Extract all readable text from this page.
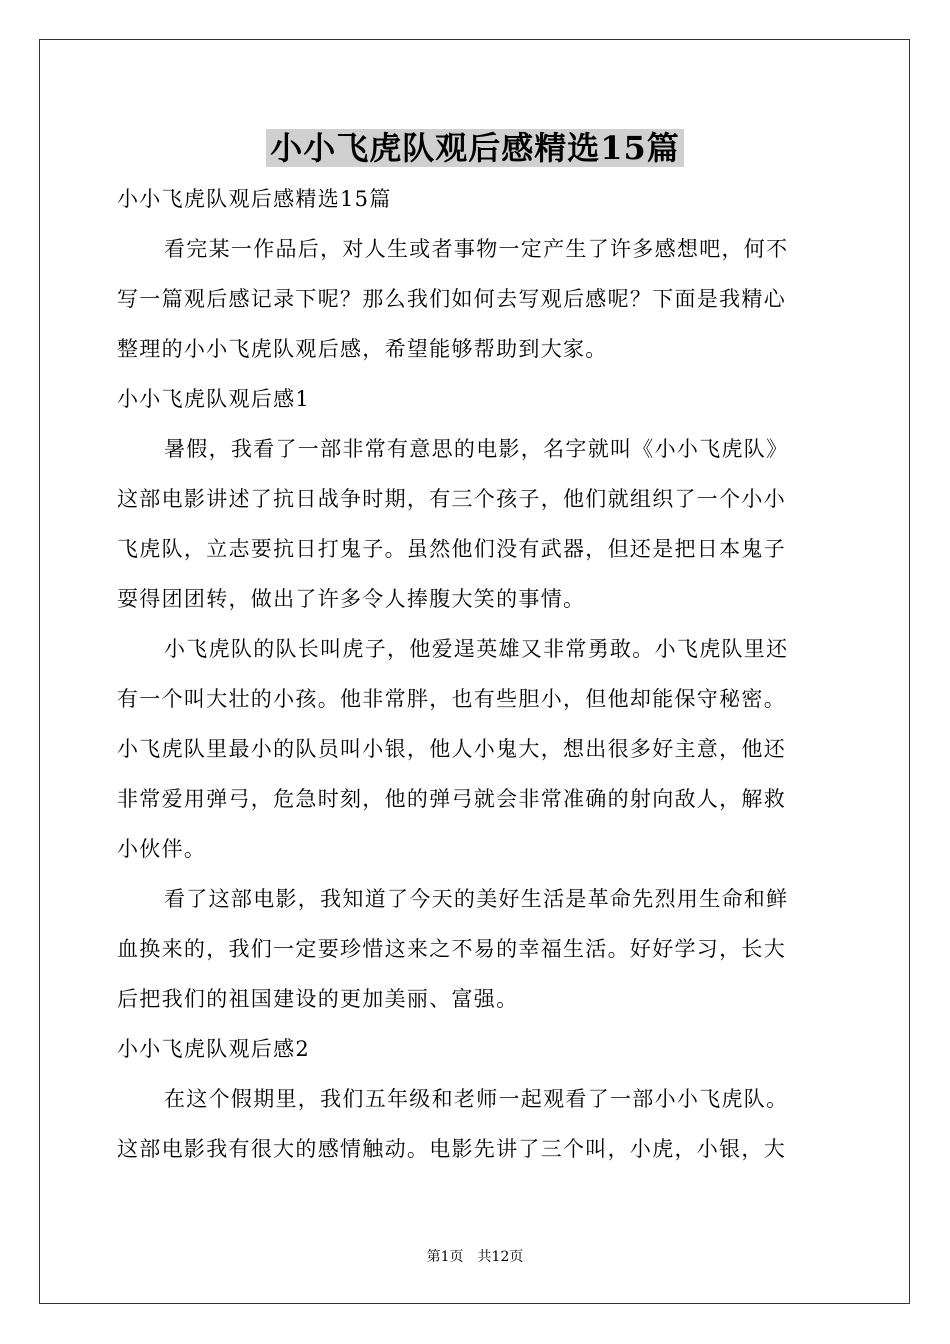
小小飞虎队观后感精选15篇
小小飞虎队观后感精选15篇
看完某一作品后，对人生或者事物一定产生了许多感想吧，何不
写一篇观后感记录下呢？那么我们如何去写观后感呢？下面是我精心
整理的小小飞虎队观后感，希望能够帮助到大家。
小小飞虎队观后感1
暑假，我看了一部非常有意思的电影，名字就叫《小小飞虎队》
这部电影讲述了抗日战争时期，有三个孩子，他们就组织了一个小小
飞虎队，立志要抗日打鬼子。虽然他们没有武器，但还是把日本鬼子
耍得团团转，做出了许多令人捧腹大笑的事情。
小飞虎队的队长叫虎子，他爱逞英雄又非常勇敢。小飞虎队里还
有一个叫大壮的小孩。他非常胖，也有些胆小，但他却能保守秘密。
小飞虎队里最小的队员叫小银，他人小鬼大，想出很多好主意，他还
非常爱用弹弓，危急时刻，他的弹弓就会非常准确的射向敌人，解救
小伙伴。
看了这部电影，我知道了今天的美好生活是革命先烈用生命和鲜
血换来的，我们一定要珍惜这来之不易的幸福生活。好好学习，长大
后把我们的祖国建设的更加美丽、富强。
小小飞虎队观后感2
在这个假期里，我们五年级和老师一起观看了一部小小飞虎队。
这部电影我有很大的感情触动。电影先讲了三个叫，小虎，小银，大
第1页 共12页
